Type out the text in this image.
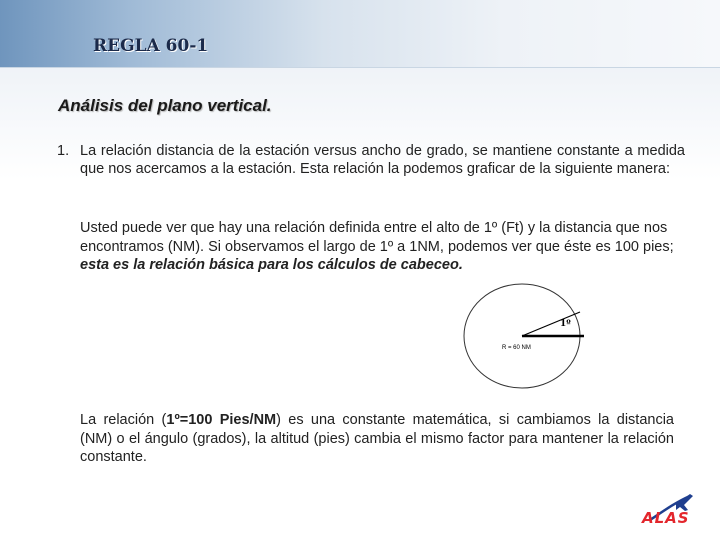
REGLA 60-1
Análisis del plano vertical.
1. La relación distancia de la estación versus ancho de grado, se mantiene constante a medida que nos acercamos a la estación. Esta relación la podemos graficar de la siguiente manera:
Usted puede ver que hay una relación definida entre el alto de 1º (Ft) y la distancia que nos encontramos (NM). Si observamos el largo de 1º a 1NM, podemos ver que éste es 100 pies; esta es la relación básica para los cálculos de cabeceo.
1º
R = 60 NM
La relación (1º=100 Pies/NM) es una constante matemática, si cambiamos la distancia (NM) o el ángulo (grados), la altitud (pies) cambia el mismo factor para mantener la relación constante.
ALAS
